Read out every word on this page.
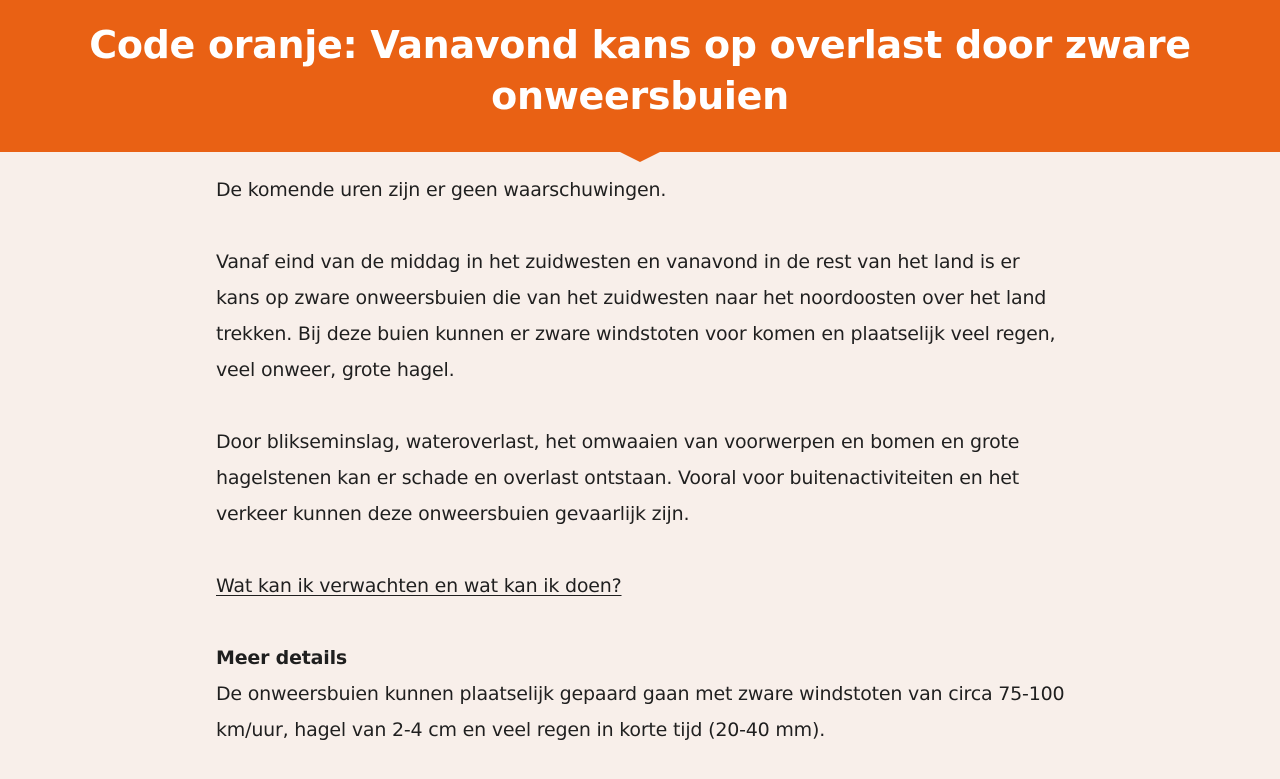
Code oranje: Vanavond kans op overlast door zware onweersbuien

De komende uren zijn er geen waarschuwingen.

Vanaf eind van de middag in het zuidwesten en vanavond in de rest van het land is er kans op zware onweersbuien die van het zuidwesten naar het noordoosten over het land trekken. Bij deze buien kunnen er zware windstoten voor komen en plaatselijk veel regen, veel onweer, grote hagel.

Door blikseminslag, wateroverlast, het omwaaien van voorwerpen en bomen en grote hagelstenen kan er schade en overlast ontstaan. Vooral voor buitenactiviteiten en het verkeer kunnen deze onweersbuien gevaarlijk zijn.

Wat kan ik verwachten en wat kan ik doen?

Meer details

De onweersbuien kunnen plaatselijk gepaard gaan met zware windstoten van circa 75-100 km/uur, hagel van 2-4 cm en veel regen in korte tijd (20-40 mm).
